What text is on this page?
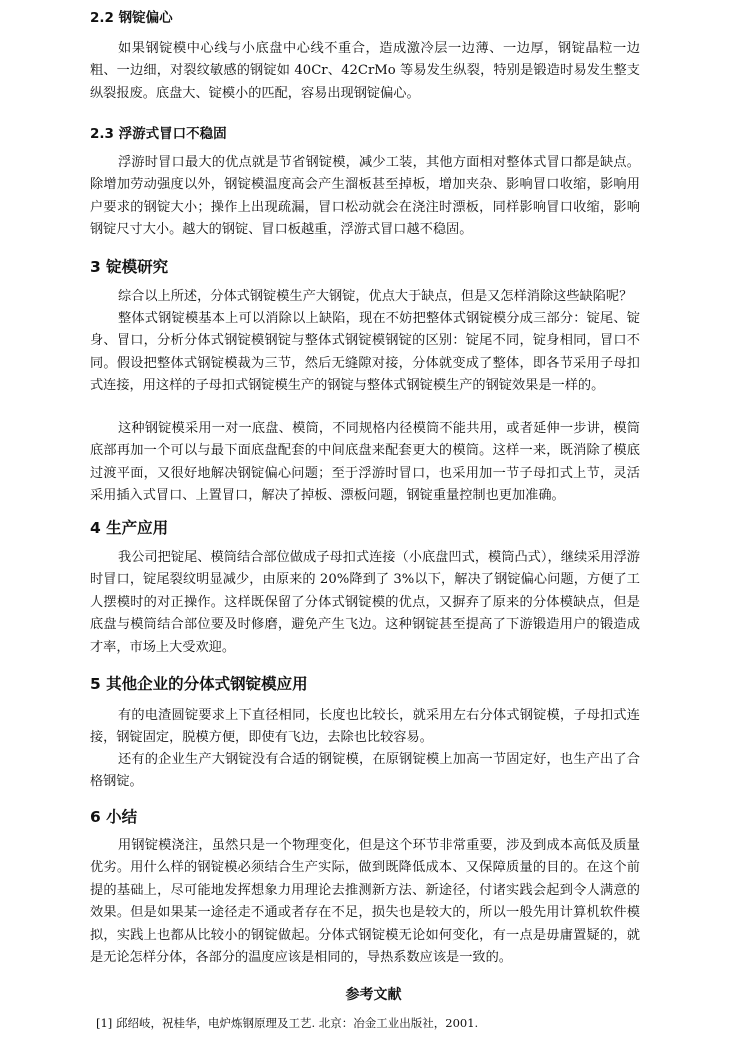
2.2 钢锭偏心

如果钢锭模中心线与小底盘中心线不重合，造成激冷层一边薄、一边厚，钢锭晶粒一边粗、一边细，对裂纹敏感的钢锭如 40Cr、42CrMo 等易发生纵裂，特别是锻造时易发生整支纵裂报废。底盘大、锭模小的匹配，容易出现钢锭偏心。

2.3 浮游式冒口不稳固

浮游时冒口最大的优点就是节省钢锭模，减少工装，其他方面相对整体式冒口都是缺点。除增加劳动强度以外，钢锭模温度高会产生溜板甚至掉板，增加夹杂、影响冒口收缩，影响用户要求的钢锭大小；操作上出现疏漏，冒口松动就会在浇注时漂板，同样影响冒口收缩，影响钢锭尺寸大小。越大的钢锭、冒口板越重，浮游式冒口越不稳固。

3 锭模研究

综合以上所述，分体式钢锭模生产大钢锭，优点大于缺点，但是又怎样消除这些缺陷呢？

整体式钢锭模基本上可以消除以上缺陷，现在不妨把整体式钢锭模分成三部分：锭尾、锭身、冒口，分析分体式钢锭模钢锭与整体式钢锭模钢锭的区别：锭尾不同，锭身相同，冒口不同。假设把整体式钢锭模裁为三节，然后无缝隙对接，分体就变成了整体，即各节采用子母扣式连接，用这样的子母扣式钢锭模生产的钢锭与整体式钢锭模生产的钢锭效果是一样的。

这种钢锭模采用一对一底盘、模筒，不同规格内径模筒不能共用，或者延伸一步讲，模筒底部再加一个可以与最下面底盘配套的中间底盘来配套更大的模筒。这样一来，既消除了模底过渡平面，又很好地解决钢锭偏心问题；至于浮游时冒口，也采用加一节子母扣式上节，灵活采用插入式冒口、上置冒口，解决了掉板、漂板问题，钢锭重量控制也更加准确。

4 生产应用

我公司把锭尾、模筒结合部位做成子母扣式连接（小底盘凹式，模筒凸式），继续采用浮游时冒口，锭尾裂纹明显减少，由原来的 20%降到了 3%以下，解决了钢锭偏心问题，方便了工人摆模时的对正操作。这样既保留了分体式钢锭模的优点，又摒弃了原来的分体模缺点，但是底盘与模筒结合部位要及时修磨，避免产生飞边。这种钢锭甚至提高了下游锻造用户的锻造成才率，市场上大受欢迎。

5 其他企业的分体式钢锭模应用

有的电渣圆锭要求上下直径相同，长度也比较长，就采用左右分体式钢锭模，子母扣式连接，钢锭固定，脱模方便，即使有飞边，去除也比较容易。

还有的企业生产大钢锭没有合适的钢锭模，在原钢锭模上加高一节固定好，也生产出了合格钢锭。

6 小结

用钢锭模浇注，虽然只是一个物理变化，但是这个环节非常重要，涉及到成本高低及质量优劣。用什么样的钢锭模必须结合生产实际，做到既降低成本、又保障质量的目的。在这个前提的基础上，尽可能地发挥想象力用理论去推测新方法、新途径，付诸实践会起到令人满意的效果。但是如果某一途径走不通或者存在不足，损失也是较大的，所以一般先用计算机软件模拟，实践上也都从比较小的钢锭做起。分体式钢锭模无论如何变化，有一点是毋庸置疑的，就是无论怎样分体，各部分的温度应该是相同的，导热系数应该是一致的。

参考文献

[1] 邱绍岐，祝桂华，电炉炼钢原理及工艺. 北京：冶金工业出版社，2001.
